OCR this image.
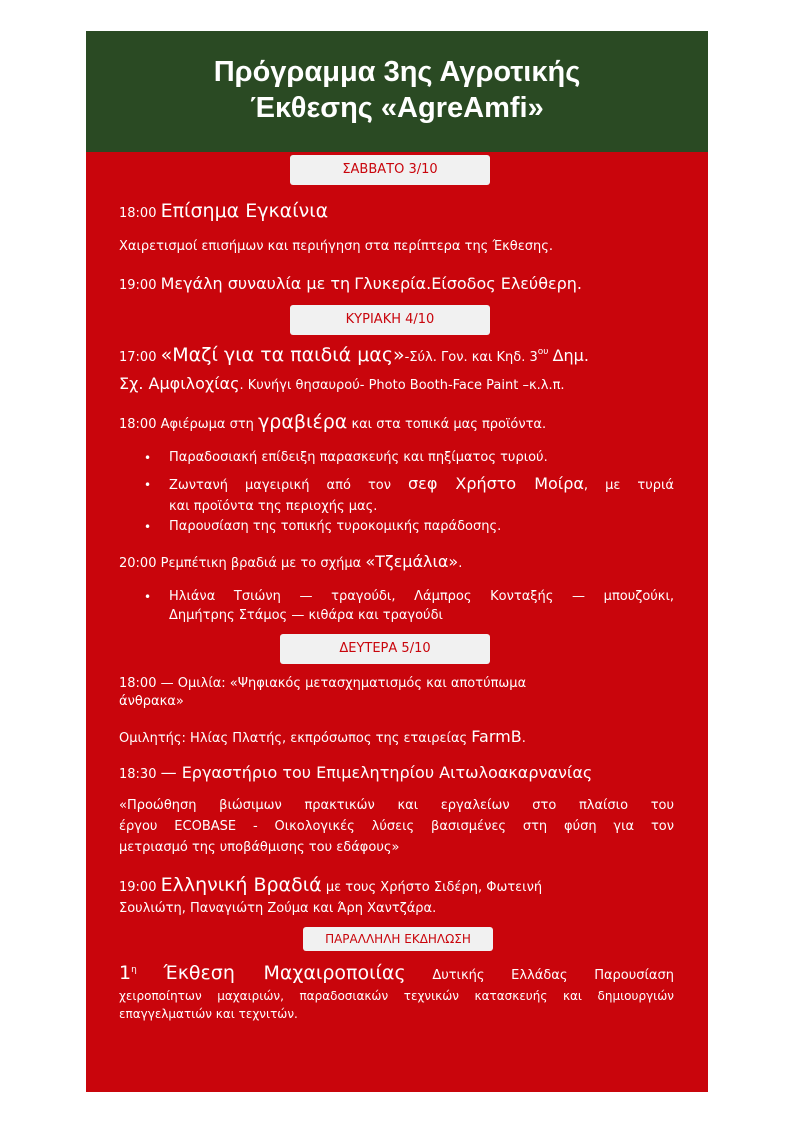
Πρόγραμμα 3ης Αγροτικής
Έκθεσης «AgreAmfi»
ΣΑΒΒΑΤΟ 3/10
18:00 Επίσημα Εγκαίνια
Χαιρετισμοί επισήμων και περιήγηση στα περίπτερα της Έκθεσης.
19:00 Μεγάλη συναυλία με τη Γλυκερία.Είσοδος Ελεύθερη.
ΚΥΡΙΑΚΗ 4/10
17:00 «Μαζί για τα παιδιά μας»-Σύλ. Γον. και Κηδ. $3^{o\upsilon}$ Δημ.
Σχ. Αμφιλοχίας. Κυνήγι θησαυρού- Photo Booth-Face Paint –κ.λ.π.
18:00 Αφιέρωμα στη γραβιέρα και στα τοπικά μας προϊόντα.
• Παραδοσιακή επίδειξη παρασκευής και πηξίματος τυριού.
• Ζωντανή μαγειρική από τον σεφ Χρήστο Μοίρα, με τυριά
και προϊόντα της περιοχής μας.
• Παρουσίαση της τοπικής τυροκομικής παράδοσης.
20:00 Ρεμπέτικη βραδιά με το σχήμα «Τζεμάλια».
• Ηλιάνα Τσιώνη — τραγούδι, Λάμπρος Κονταξής — μπουζούκι,
Δημήτρης Στάμος — κιθάρα και τραγούδι
ΔΕΥΤΕΡΑ 5/10
18:00 — Ομιλία: «Ψηφιακός μετασχηματισμός και αποτύπωμα
άνθρακα»
Ομιλητής: Ηλίας Πλατής, εκπρόσωπος της εταιρείας FarmB.
18:30 — Εργαστήριο του Επιμελητηρίου Αιτωλοακαρνανίας
«Προώθηση βιώσιμων πρακτικών και εργαλείων στο πλαίσιο του
έργου ECOBASE - Οικολογικές λύσεις βασισμένες στη φύση για τον
μετριασμό της υποβάθμισης του εδάφους»
19:00 Ελληνική Βραδιά με τους Χρήστο Σιδέρη, Φωτεινή
Σουλιώτη, Παναγιώτη Ζούμα και Άρη Χαντζάρα.
ΠΑΡΑΛΛΗΛΗ ΕΚΔΗΛΩΣΗ
$1^\eta$ Έκθεση Μαχαιροποιίας Δυτικής Ελλάδας Παρουσίαση
χειροποίητων μαχαιριών, παραδοσιακών τεχνικών κατασκευής και δημιουργιών
επαγγελματιών και τεχνιτών.
